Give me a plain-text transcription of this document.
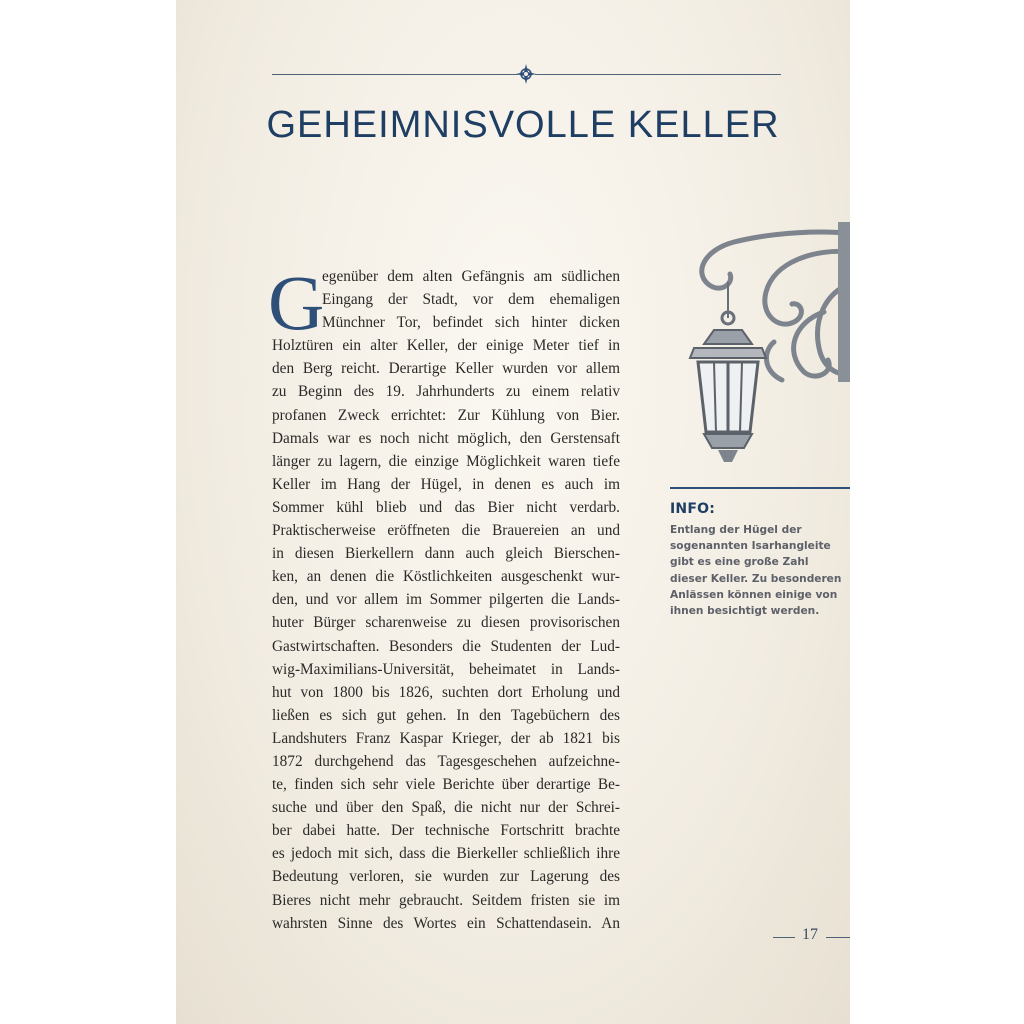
GEHEIMNISVOLLE KELLER
G
egenüber dem alten Gefängnis am südlichen
Eingang der Stadt, vor dem ehemaligen
Münchner Tor, befindet sich hinter dicken
Holztüren ein alter Keller, der einige Meter tief in
den Berg reicht. Derartige Keller wurden vor allem
zu Beginn des 19. Jahrhunderts zu einem relativ
profanen Zweck errichtet: Zur Kühlung von Bier.
Damals war es noch nicht möglich, den Gerstensaft
länger zu lagern, die einzige Möglichkeit waren tiefe
Keller im Hang der Hügel, in denen es auch im
Sommer kühl blieb und das Bier nicht verdarb.
Praktischerweise eröffneten die Brauereien an und
in diesen Bierkellern dann auch gleich Bierschen-
ken, an denen die Köstlichkeiten ausgeschenkt wur-
den, und vor allem im Sommer pilgerten die Lands-
huter Bürger scharenweise zu diesen provisorischen
Gastwirtschaften. Besonders die Studenten der Lud-
wig-Maximilians-Universität, beheimatet in Lands-
hut von 1800 bis 1826, suchten dort Erholung und
ließen es sich gut gehen. In den Tagebüchern des
Landshuters Franz Kaspar Krieger, der ab 1821 bis
1872 durchgehend das Tagesgeschehen aufzeichne-
te, finden sich sehr viele Berichte über derartige Be-
suche und über den Spaß, die nicht nur der Schrei-
ber dabei hatte. Der technische Fortschritt brachte
es jedoch mit sich, dass die Bierkeller schließlich ihre
Bedeutung verloren, sie wurden zur Lagerung des
Bieres nicht mehr gebraucht. Seitdem fristen sie im
wahrsten Sinne des Wortes ein Schattendasein. An
INFO:
Entlang der Hügel der
sogenannten Isarhangleite
gibt es eine große Zahl
dieser Keller. Zu besonderen
Anlässen können einige von
ihnen besichtigt werden.
17
